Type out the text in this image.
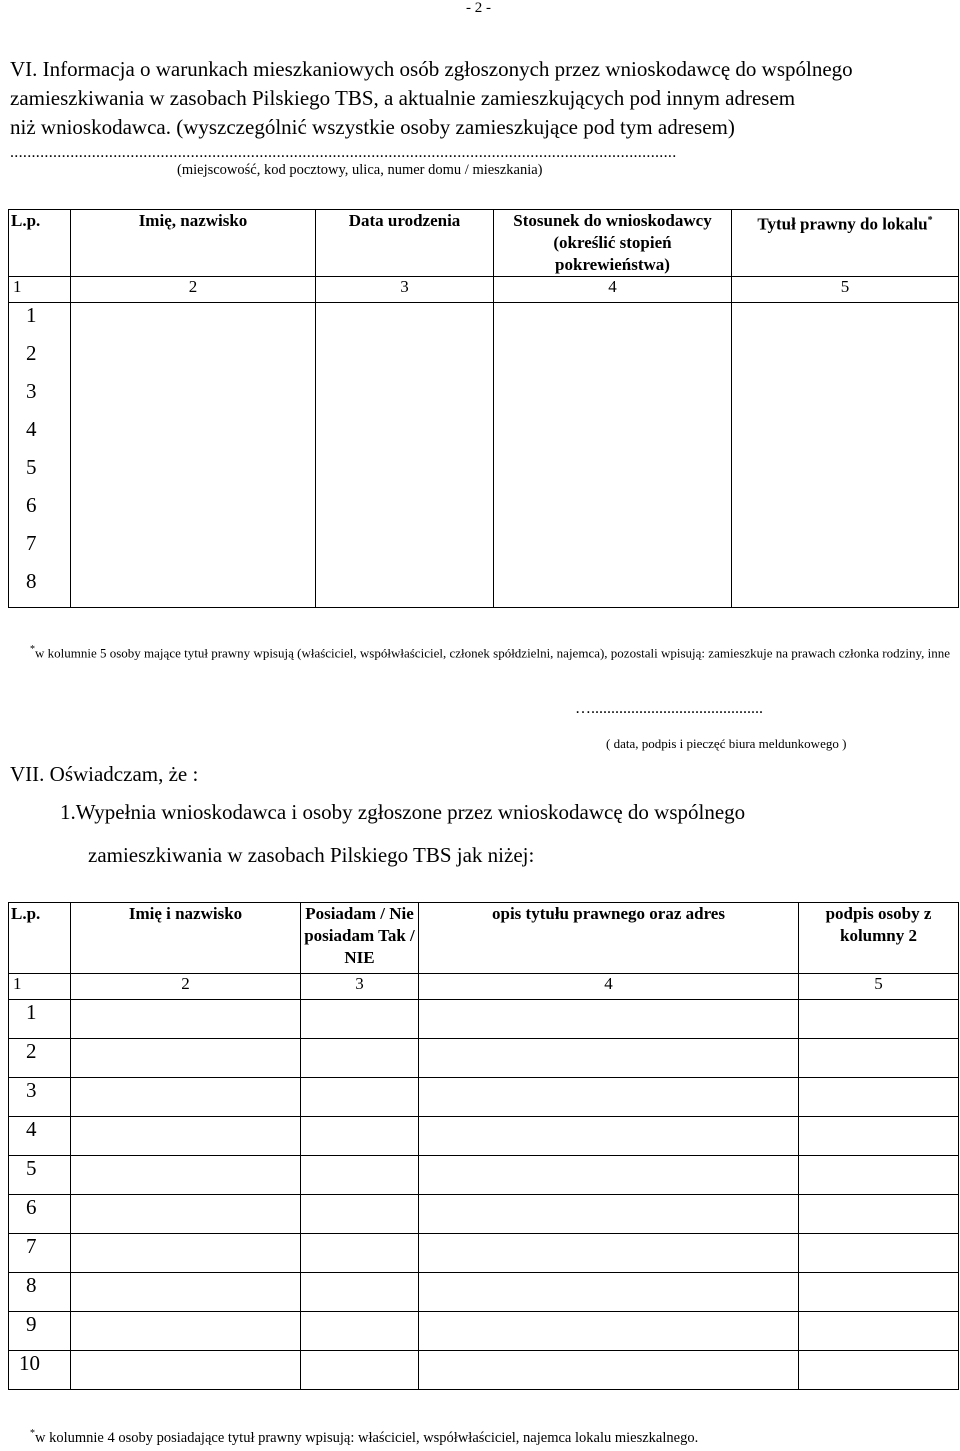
- 2 -
VI. Informacja o warunkach mieszkaniowych osób zgłoszonych przez wnioskodawcę do wspólnego
zamieszkiwania w zasobach Pilskiego TBS, a aktualnie zamieszkujących pod innym adresem
niż wnioskodawca. (wyszczególnić wszystkie osoby zamieszkujące pod tym adresem)
...........................................................................................................................................................
(miejscowość, kod pocztowy, ulica, numer domu / mieszkania)
L.p.	Imię, nazwisko	Data urodzenia	Stosunek do wnioskodawcy (określić stopień pokrewieństwa)	Tytuł prawny do lokalu*
1	2	3	4	5
1				
2				
3				
4				
5				
6				
7				
8				
*w kolumnie 5 osoby mające tytuł prawny wpisują (właściciel, współwłaściciel, członek spółdzielni, najemca), pozostali wpisują: zamieszkuje na prawach członka rodziny, inne
…...........................................
( data, podpis i pieczęć biura meldunkowego )
VII. Oświadczam, że :
1.Wypełnia wnioskodawca i osoby zgłoszone przez wnioskodawcę do wspólnego
zamieszkiwania w zasobach Pilskiego TBS jak niżej:
L.p.	Imię i nazwisko	Posiadam / Nie posiadam Tak / NIE	opis tytułu prawnego oraz adres	podpis osoby z kolumny 2
1	2	3	4	5
1				
2				
3				
4				
5				
6				
7				
8				
9				
10				
*w kolumnie 4 osoby posiadające tytuł prawny wpisują: właściciel, współwłaściciel, najemca lokalu mieszkalnego.
